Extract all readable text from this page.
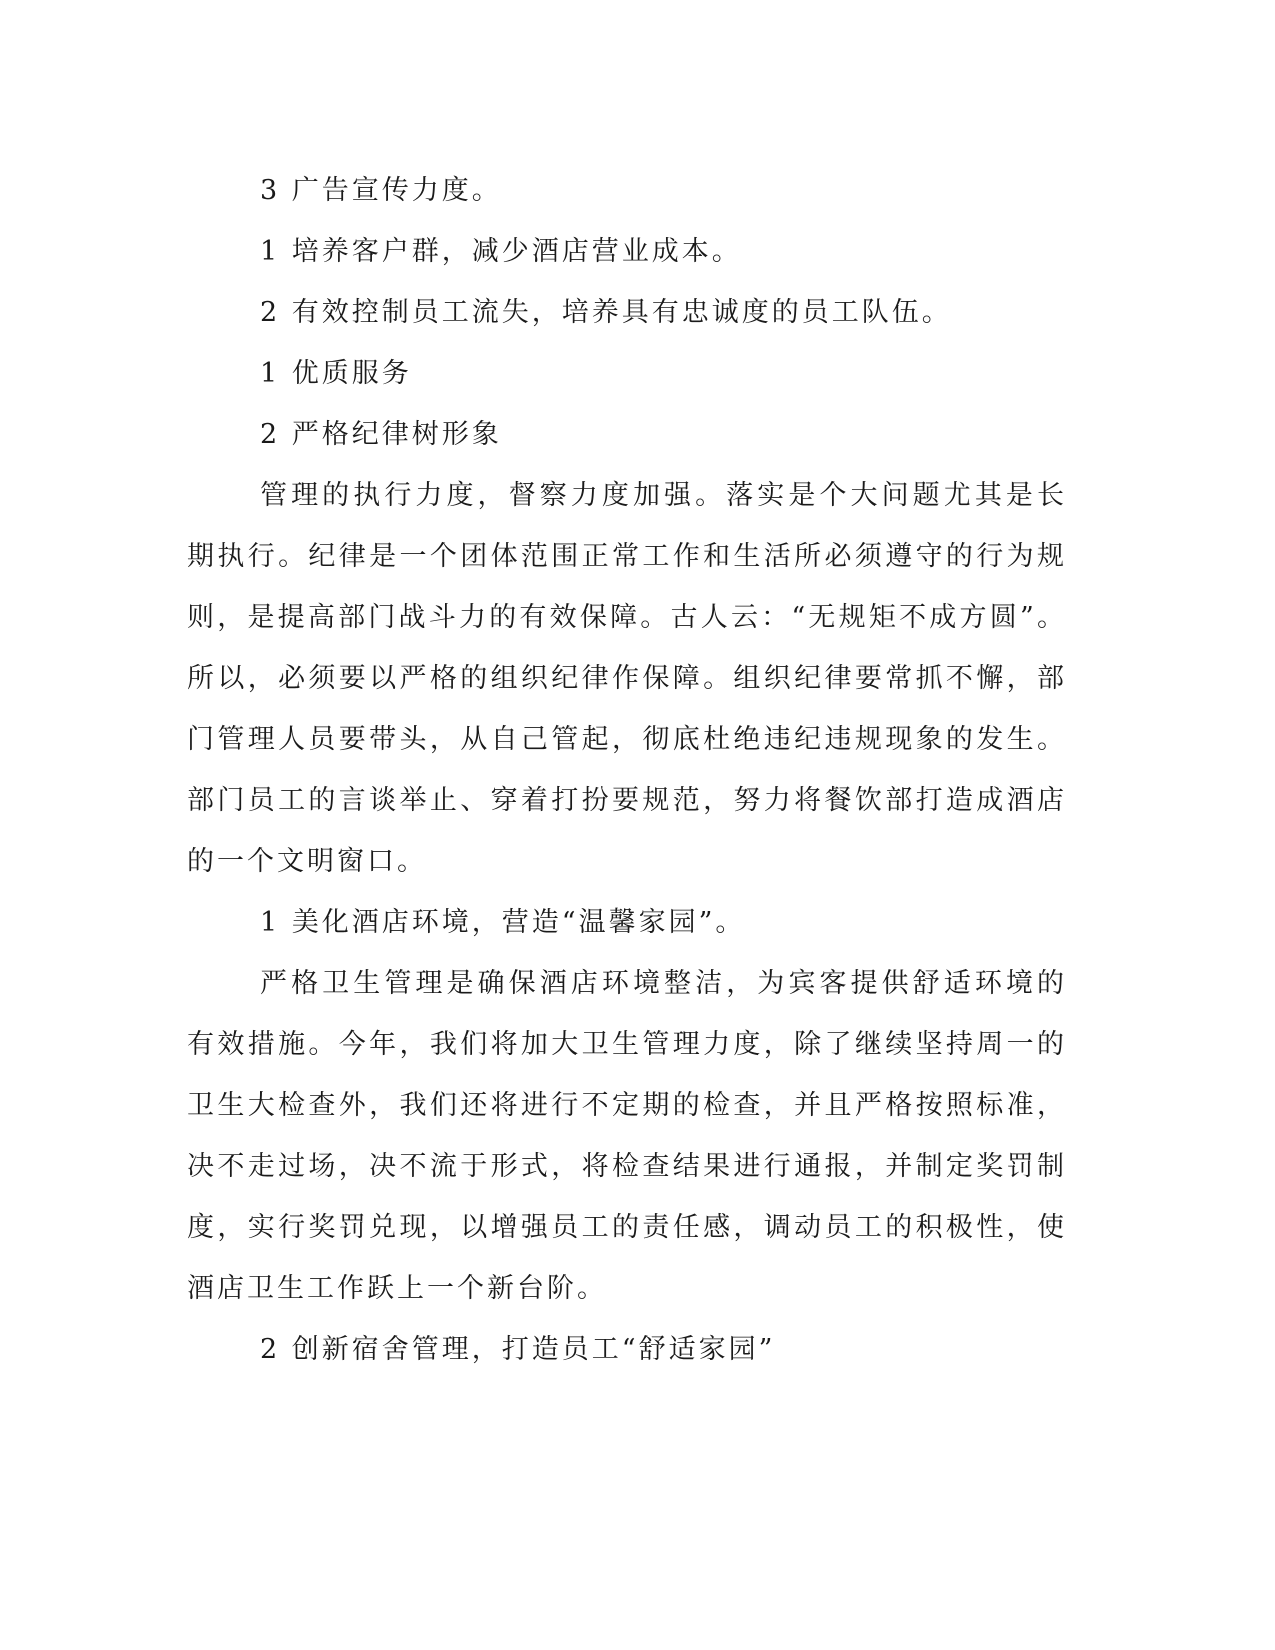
3 广告宣传力度。

1 培养客户群，减少酒店营业成本。

2 有效控制员工流失，培养具有忠诚度的员工队伍。

1 优质服务

2 严格纪律树形象

管理的执行力度，督察力度加强。落实是个大问题尤其是长期执行。纪律是一个团体范围正常工作和生活所必须遵守的行为规则，是提高部门战斗力的有效保障。古人云：“无规矩不成方圆”。所以，必须要以严格的组织纪律作保障。组织纪律要常抓不懈，部门管理人员要带头，从自己管起，彻底杜绝违纪违规现象的发生。部门员工的言谈举止、穿着打扮要规范，努力将餐饮部打造成酒店的一个文明窗口。

1 美化酒店环境，营造“温馨家园”。

严格卫生管理是确保酒店环境整洁，为宾客提供舒适环境的有效措施。今年，我们将加大卫生管理力度，除了继续坚持周一的卫生大检查外，我们还将进行不定期的检查，并且严格按照标准，决不走过场，决不流于形式，将检查结果进行通报，并制定奖罚制度，实行奖罚兑现，以增强员工的责任感，调动员工的积极性，使酒店卫生工作跃上一个新台阶。

2 创新宿舍管理，打造员工“舒适家园”
